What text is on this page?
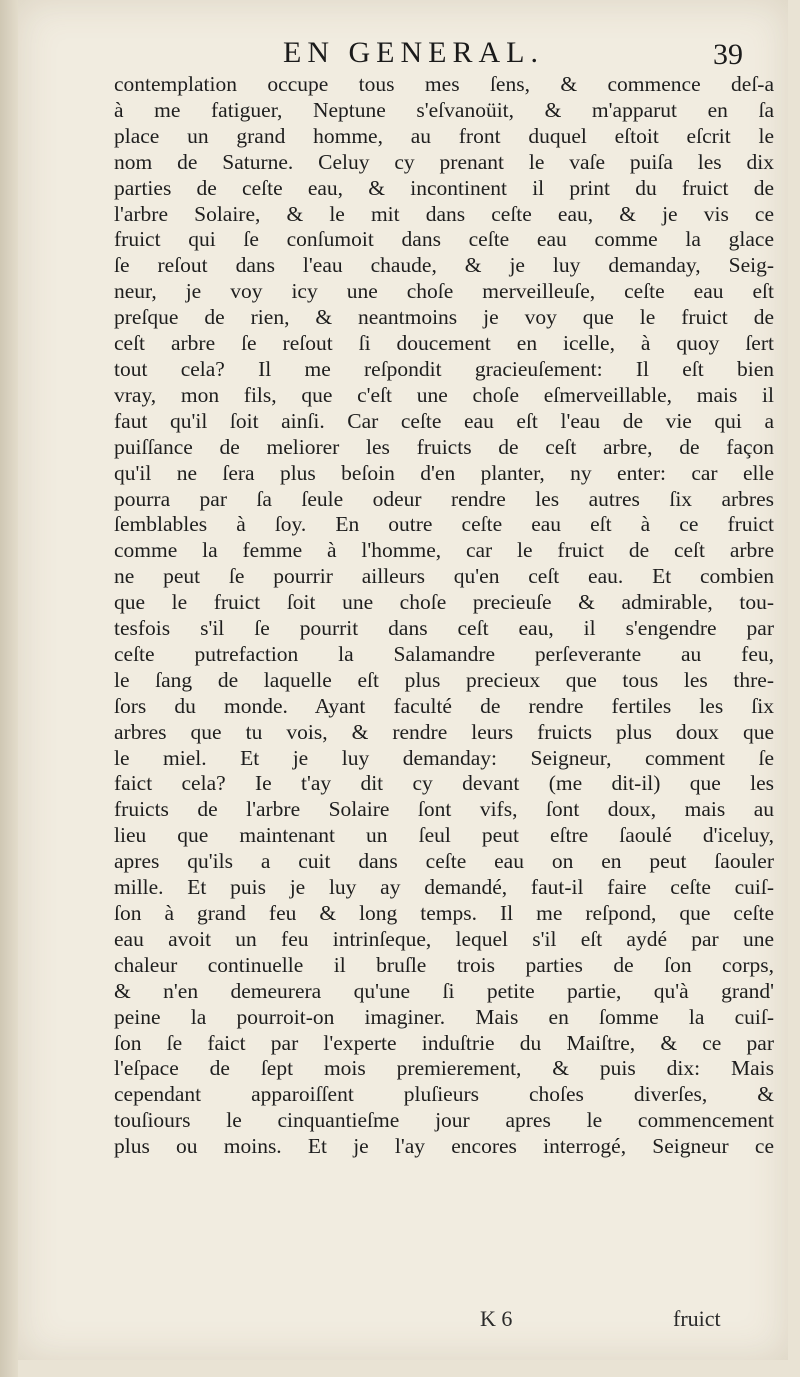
EN GENERAL.	39
contemplation occupe tous mes ſens, & commence deſ-a
à me fatiguer, Neptune s'eſvanoüit, & m'apparut en ſa
place un grand homme, au front duquel eſtoit eſcrit le
nom de Saturne. Celuy cy prenant le vaſe puiſa les dix
parties de ceſte eau, & incontinent il print du fruict de
l'arbre Solaire, & le mit dans ceſte eau, & je vis ce
fruict qui ſe conſumoit dans ceſte eau comme la glace
ſe reſout dans l'eau chaude, & je luy demanday, Seig-
neur, je voy icy une choſe merveilleuſe, ceſte eau eſt
preſque de rien, & neantmoins je voy que le fruict de
ceſt arbre ſe reſout ſi doucement en icelle, à quoy ſert
tout cela? Il me reſpondit gracieuſement: Il eſt bien
vray, mon fils, que c'eſt une choſe eſmerveillable, mais il
faut qu'il ſoit ainſi. Car ceſte eau eſt l'eau de vie qui a
puiſſance de meliorer les fruicts de ceſt arbre, de façon
qu'il ne ſera plus beſoin d'en planter, ny enter: car elle
pourra par ſa ſeule odeur rendre les autres ſix arbres
ſemblables à ſoy. En outre ceſte eau eſt à ce fruict
comme la femme à l'homme, car le fruict de ceſt arbre
ne peut ſe pourrir ailleurs qu'en ceſt eau. Et combien
que le fruict ſoit une choſe precieuſe & admirable, tou-
tesfois s'il ſe pourrit dans ceſt eau, il s'engendre par
ceſte putrefaction la Salamandre perſeverante au feu,
le ſang de laquelle eſt plus precieux que tous les thre-
ſors du monde. Ayant faculté de rendre fertiles les ſix
arbres que tu vois, & rendre leurs fruicts plus doux que
le miel. Et je luy demanday: Seigneur, comment ſe
faict cela? Ie t'ay dit cy devant (me dit-il) que les
fruicts de l'arbre Solaire ſont vifs, ſont doux, mais au
lieu que maintenant un ſeul peut eſtre ſaoulé d'iceluy,
apres qu'ils a cuit dans ceſte eau on en peut ſaouler
mille. Et puis je luy ay demandé, faut-il faire ceſte cuiſ-
ſon à grand feu & long temps. Il me reſpond, que ceſte
eau avoit un feu intrinſeque, lequel s'il eſt aydé par une
chaleur continuelle il bruſle trois parties de ſon corps,
& n'en demeurera qu'une ſi petite partie, qu'à grand'
peine la pourroit-on imaginer. Mais en ſomme la cuiſ-
ſon ſe faict par l'experte induſtrie du Maiſtre, & ce par
l'eſpace de ſept mois premierement, & puis dix: Mais
cependant apparoiſſent pluſieurs choſes diverſes, &
touſiours le cinquantieſme jour apres le commencement
plus ou moins. Et je l'ay encores interrogé, Seigneur ce
K 6	fruict
